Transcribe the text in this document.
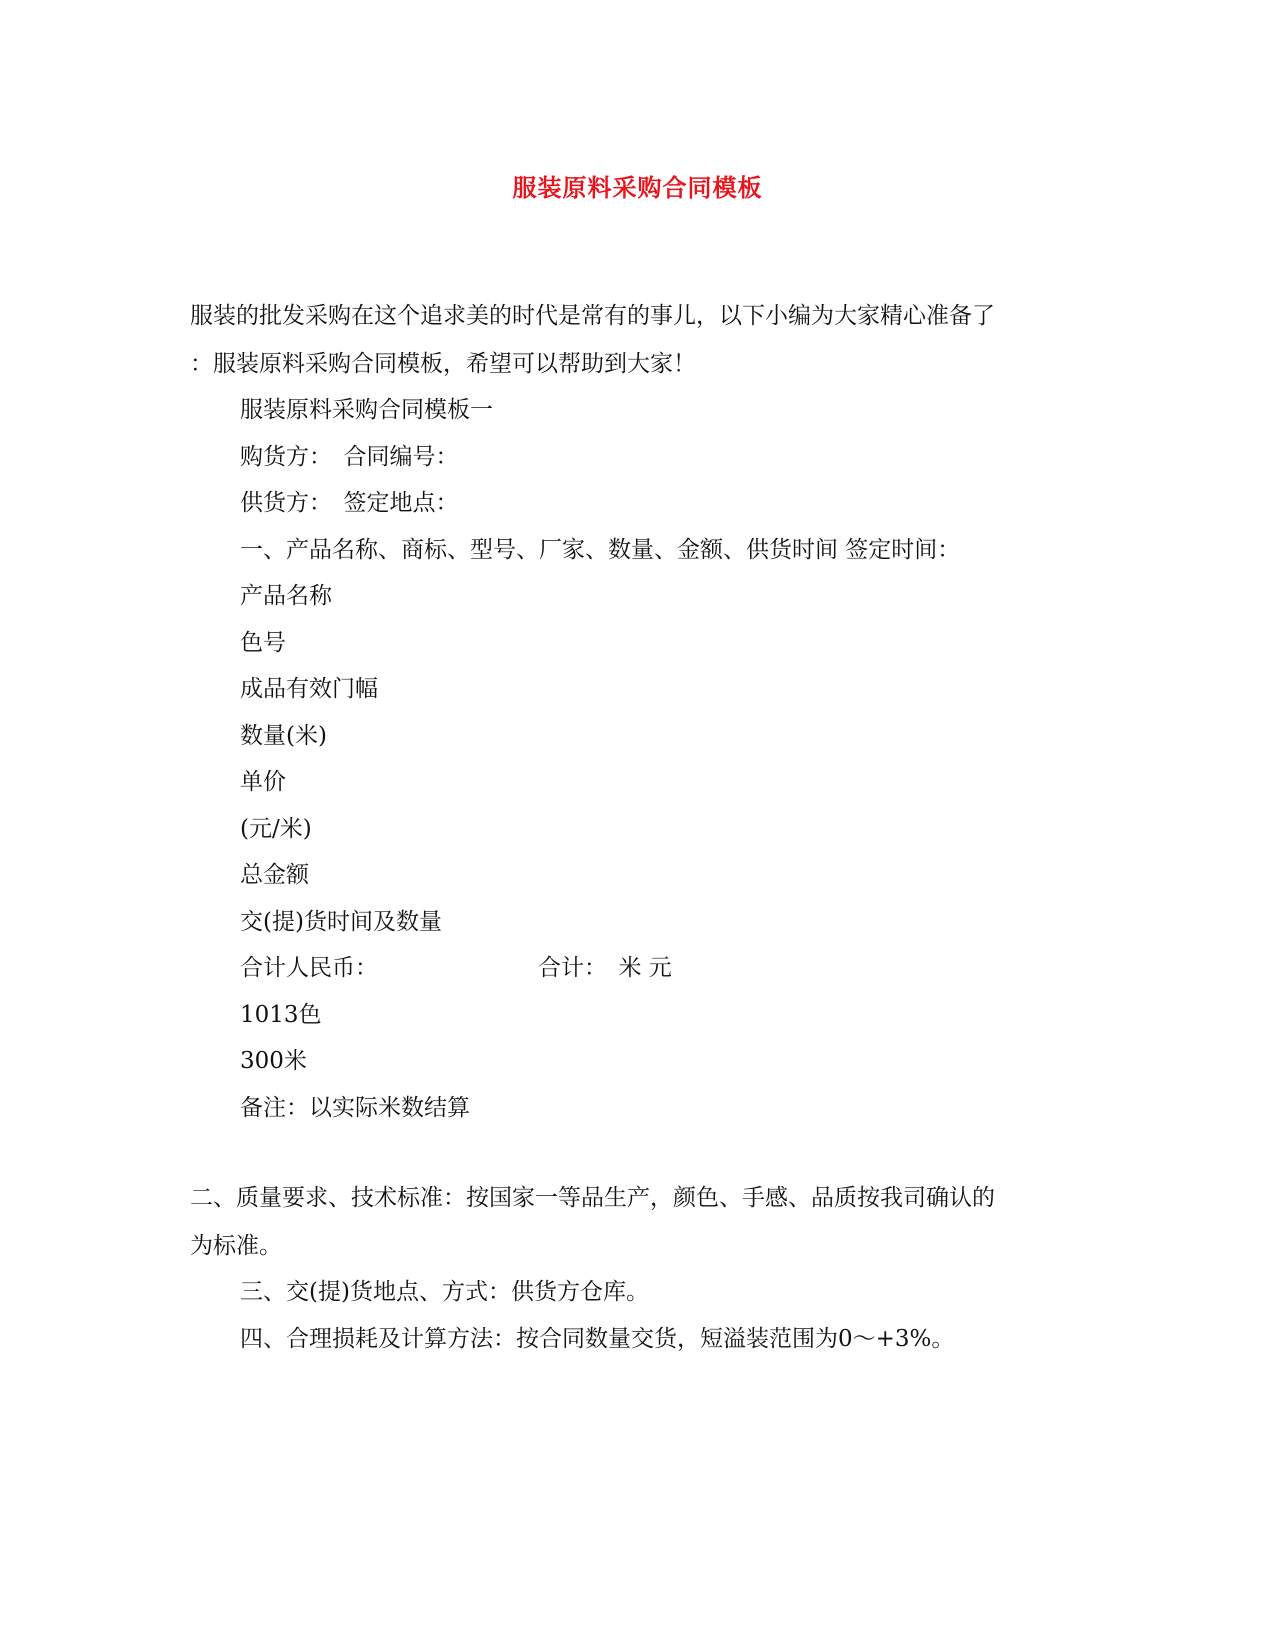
服装原料采购合同模板
服装的批发采购在这个追求美的时代是常有的事儿，以下小编为大家精心准备了
：服装原料采购合同模板，希望可以帮助到大家！
服装原料采购合同模板一
购货方：　合同编号：
供货方：　签定地点：
一、产品名称、商标、型号、厂家、数量、金额、供货时间 签定时间：
产品名称
色号
成品有效门幅
数量(米)
单价
(元/米)
总金额
交(提)货时间及数量
合计人民币：	合计：　米 元
1013色
300米
备注：以实际米数结算
二、质量要求、技术标准：按国家一等品生产，颜色、手感、品质按我司确认的
为标准。
三、交(提)货地点、方式：供货方仓库。
四、合理损耗及计算方法：按合同数量交货，短溢装范围为0～+3%。
